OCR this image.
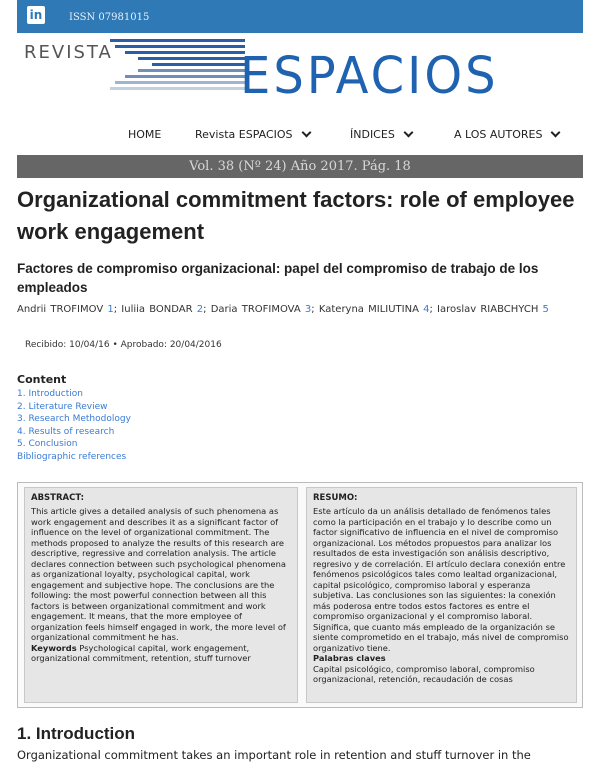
in	ISSN 07981015
REVISTA	ESPACIOS
HOME	Revista ESPACIOS	ÍNDICES	A LOS AUTORES
Vol. 38 (Nº 24) Año 2017. Pág. 18
Organizational commitment factors: role of employee work engagement
Factores de compromiso organizacional: papel del compromiso de trabajo de los empleados
Andrii TROFIMOV 1; Iuliia BONDAR 2; Daria TROFIMOVA 3; Kateryna MILIUTINA 4; Iaroslav RIABCHYCH 5
Recibido: 10/04/16 • Aprobado: 20/04/2016
Content
1. Introduction
2. Literature Review
3. Research Methodology
4. Results of research
5. Conclusion
Bibliographic references
ABSTRACT:

This article gives a detailed analysis of such phenomena as work engagement and describes it as a significant factor of influence on the level of organizational commitment. The methods proposed to analyze the results of this research are descriptive, regressive and correlation analysis. The article declares connection between such psychological phenomena as organizational loyalty, psychological capital, work engagement and subjective hope. The conclusions are the following: the most powerful connection between all this factors is between organizational commitment and work engagement. It means, that the more employee of organization feels himself engaged in work, the more level of organizational commitment he has.

Keywords Psychological capital, work engagement, organizational commitment, retention, stuff turnover

RESUMO:

Este artículo da un análisis detallado de fenómenos tales como la participación en el trabajo y lo describe como un factor significativo de influencia en el nivel de compromiso organizacional. Los métodos propuestos para analizar los resultados de esta investigación son análisis descriptivo, regresivo y de correlación. El artículo declara conexión entre fenómenos psicológicos tales como lealtad organizacional, capital psicológico, compromiso laboral y esperanza subjetiva. Las conclusiones son las siguientes: la conexión más poderosa entre todos estos factores es entre el compromiso organizacional y el compromiso laboral. Significa, que cuanto más empleado de la organización se siente comprometido en el trabajo, más nivel de compromiso organizativo tiene.

Palabras claves

Capital psicológico, compromiso laboral, compromiso organizacional, retención, recaudación de cosas

1. Introduction

Organizational commitment takes an important role in retention and stuff turnover in the
